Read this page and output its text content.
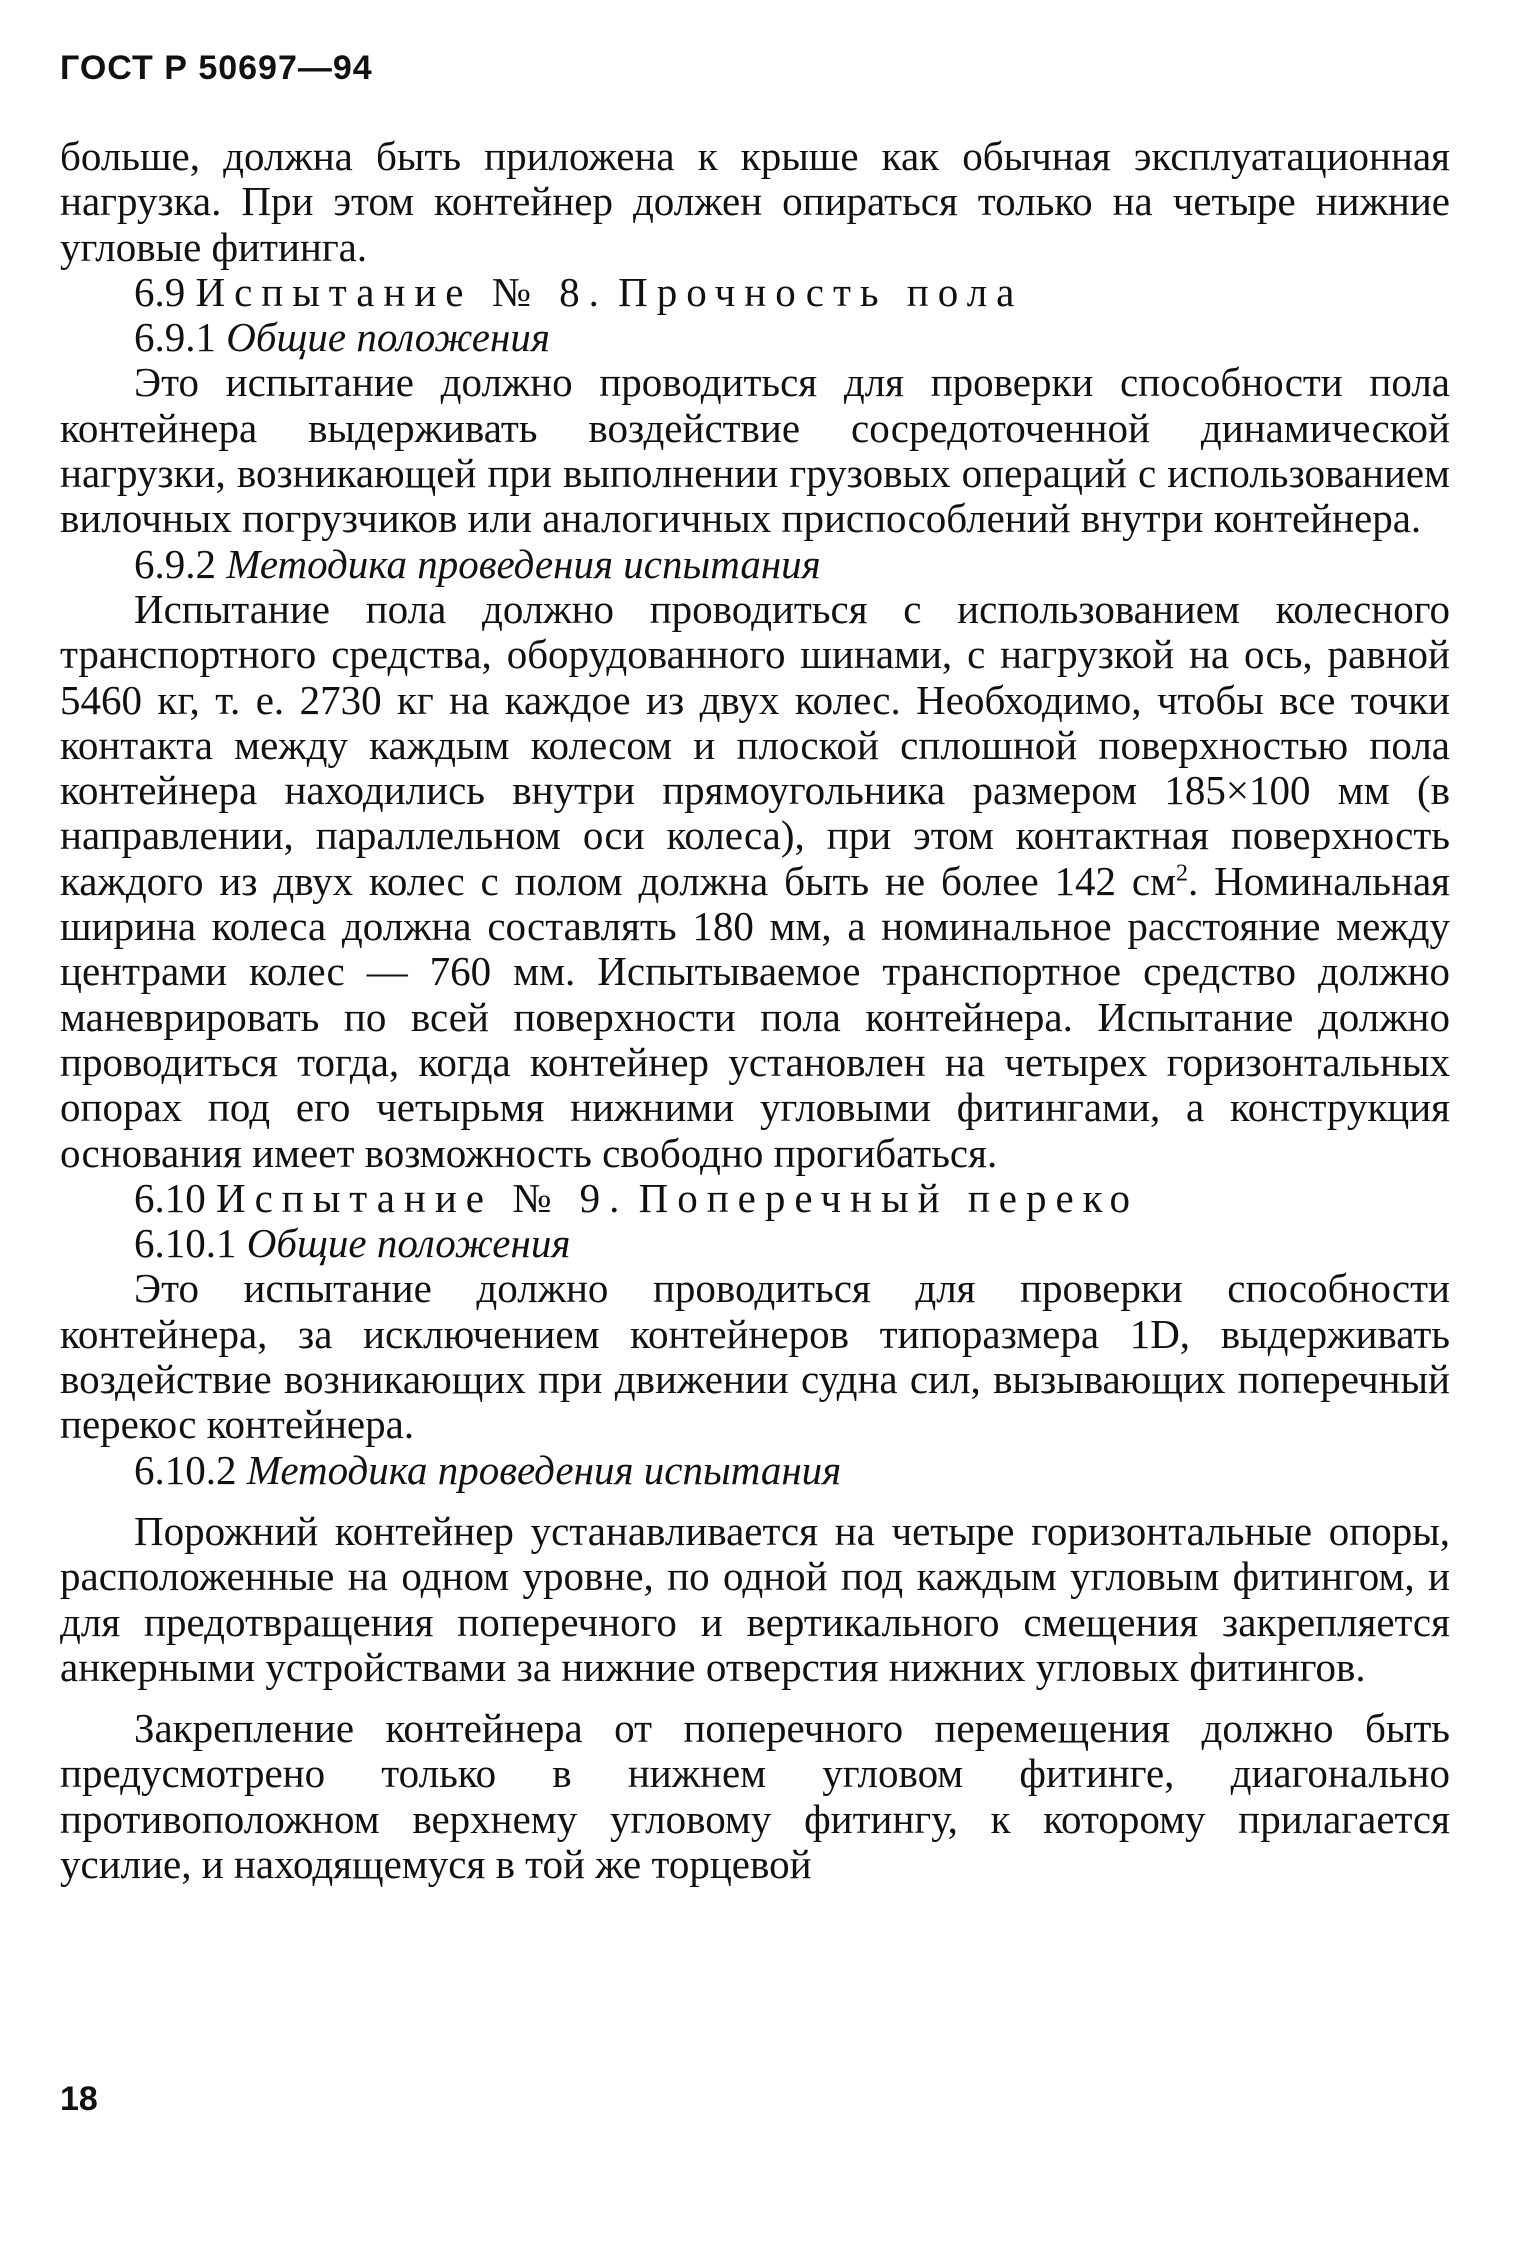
ГОСТ Р 50697—94

больше, должна быть приложена к крыше как обычная эксплуатационная нагрузка. При этом контейнер должен опираться только на четыре нижние угловые фитинга.

6.9 Испытание № 8. Прочность пола
6.9.1 Общие положения

Это испытание должно проводиться для проверки способности пола контейнера выдерживать воздействие сосредоточенной динамической нагрузки, возникающей при выполнении грузовых операций с использованием вилочных погрузчиков или аналогичных приспособлений внутри контейнера.

6.9.2 Методика проведения испытания

Испытание пола должно проводиться с использованием колесного транспортного средства, оборудованного шинами, с нагрузкой на ось, равной 5460 кг, т. е. 2730 кг на каждое из двух колес. Необходимо, чтобы все точки контакта между каждым колесом и плоской сплошной поверхностью пола контейнера находились внутри прямоугольника размером 185×100 мм (в направлении, параллельном оси колеса), при этом контактная поверхность каждого из двух колес с полом должна быть не более 142 $см^2$. Номинальная ширина колеса должна составлять 180 мм, а номинальное расстояние между центрами колес — 760 мм. Испытываемое транспортное средство должно маневрировать по всей поверхности пола контейнера. Испытание должно проводиться тогда, когда контейнер установлен на четырех горизонтальных опорах под его четырьмя нижними угловыми фитингами, а конструкция основания имеет возможность свободно прогибаться.

6.10 Испытание № 9. Поперечный переко
6.10.1 Общие положения

Это испытание должно проводиться для проверки способности контейнера, за исключением контейнеров типоразмера 1D, выдерживать воздействие возникающих при движении судна сил, вызывающих поперечный перекос контейнера.

6.10.2 Методика проведения испытания

Порожний контейнер устанавливается на четыре горизонтальные опоры, расположенные на одном уровне, по одной под каждым угловым фитингом, и для предотвращения поперечного и вертикального смещения закрепляется анкерными устройствами за нижние отверстия нижних угловых фитингов.

Закрепление контейнера от поперечного перемещения должно быть предусмотрено только в нижнем угловом фитинге, диагонально противоположном верхнему угловому фитингу, к которому прилагается усилие, и находящемуся в той же торцевой

18
